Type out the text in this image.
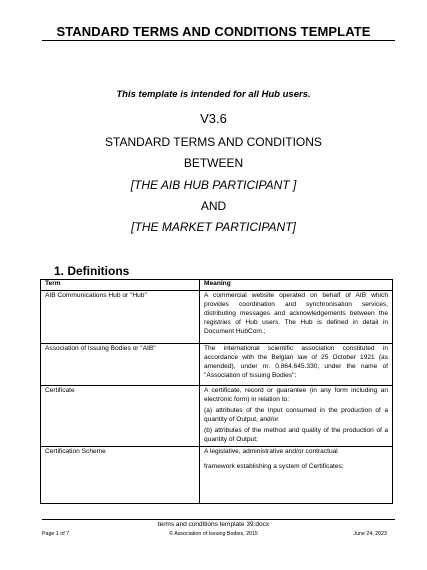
STANDARD TERMS AND CONDITIONS TEMPLATE
This template is intended for all Hub users.
V3.6
STANDARD TERMS AND CONDITIONS
BETWEEN
[THE AIB HUB PARTICIPANT ]
AND
[THE MARKET PARTICIPANT]
1. Definitions
Term	Meaning
AIB Communications Hub or "Hub"	A commercial website operated on behalf of AIB which provides coordination and synchronisation services, distributing messages and acknowledgements between the registries of Hub users. The Hub is defined in detail in Document HubCom.;

Association of Issuing Bodies or "AIB"	The international scientific association constituted in accordance with the Belgian law of 25 October 1921 (as amended), under nr. 0.864.645.330, under the name of "Association of Issuing Bodies";

Certificate	A certificate, record or guarantee (in any form including an electronic form) in relation to:

(a) attributes of the Input consumed in the production of a quantity of Output, and/or

(b) attributes of the method and quality of the production of a quantity of Output;

Certification Scheme	A legislative, administrative and/or contractual

framework establishing a system of Certificates;

terms and conditions template 39.docx
Page 1 of 7	© Association of Issuing Bodies, 2015	June 24, 2023
